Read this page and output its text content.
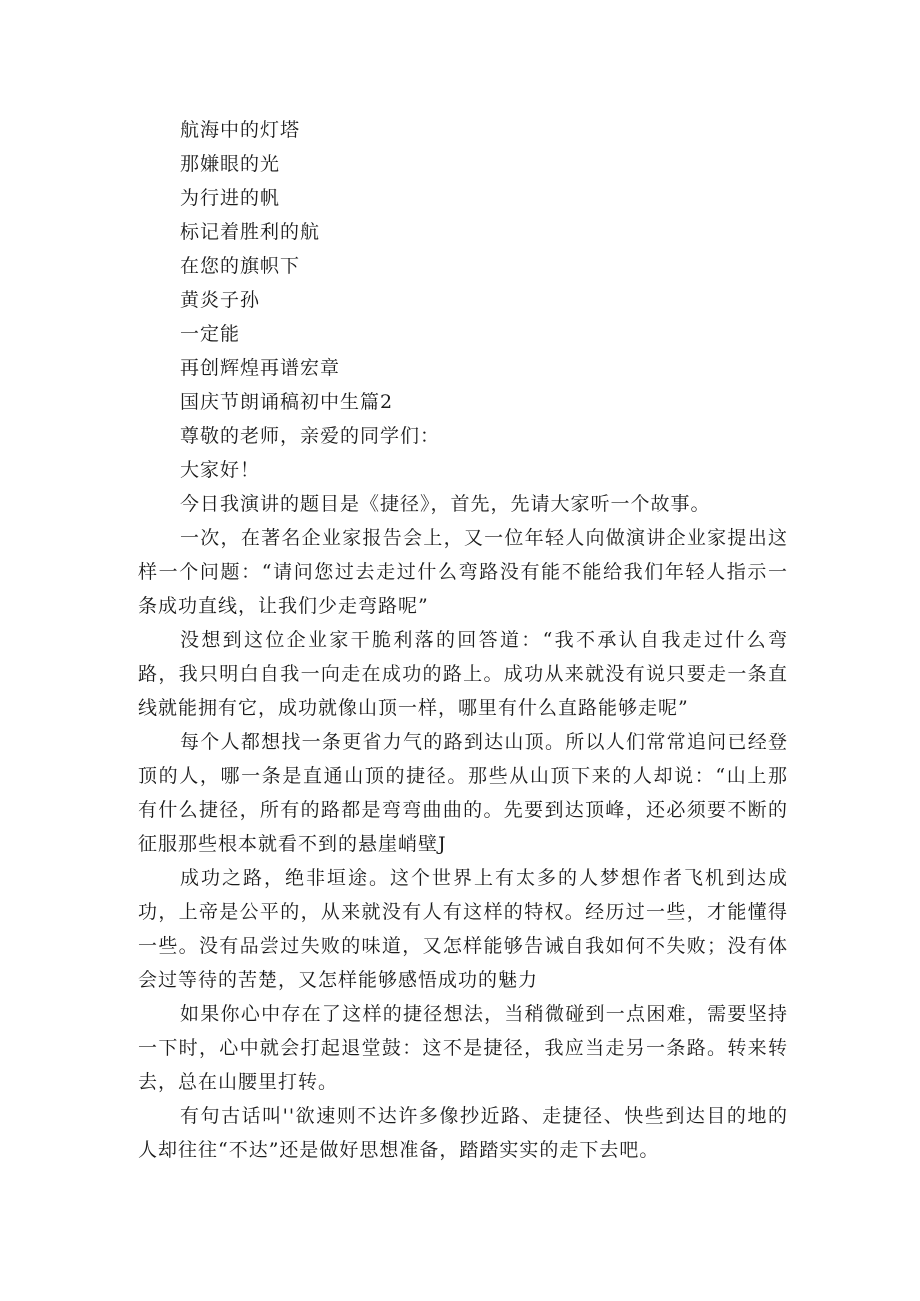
航海中的灯塔
那嫌眼的光
为行进的帆
标记着胜利的航
在您的旗帜下
黄炎子孙
一定能
再创辉煌再谱宏章
国庆节朗诵稿初中生篇2
尊敬的老师，亲爱的同学们：
大家好！

今日我演讲的题目是《捷径》，首先，先请大家听一个故事。

一次，在著名企业家报告会上，又一位年轻人向做演讲企业家提出这样一个问题：“请问您过去走过什么弯路没有能不能给我们年轻人指示一条成功直线，让我们少走弯路呢”

没想到这位企业家干脆利落的回答道：“我不承认自我走过什么弯路，我只明白自我一向走在成功的路上。成功从来就没有说只要走一条直线就能拥有它，成功就像山顶一样，哪里有什么直路能够走呢”

每个人都想找一条更省力气的路到达山顶。所以人们常常追问已经登顶的人，哪一条是直通山顶的捷径。那些从山顶下来的人却说：“山上那有什么捷径，所有的路都是弯弯曲曲的。先要到达顶峰，还必须要不断的征服那些根本就看不到的悬崖峭壁J

成功之路，绝非垣途。这个世界上有太多的人梦想作者飞机到达成功，上帝是公平的，从来就没有人有这样的特权。经历过一些，才能懂得一些。没有品尝过失败的味道，又怎样能够告诫自我如何不失败；没有体会过等待的苦楚，又怎样能够感悟成功的魅力

如果你心中存在了这样的捷径想法，当稍微碰到一点困难，需要坚持一下时，心中就会打起退堂鼓：这不是捷径，我应当走另一条路。转来转去，总在山腰里打转。

有句古话叫''欲速则不达许多像抄近路、走捷径、快些到达目的地的人却往往“不达”还是做好思想准备，踏踏实实的走下去吧。
